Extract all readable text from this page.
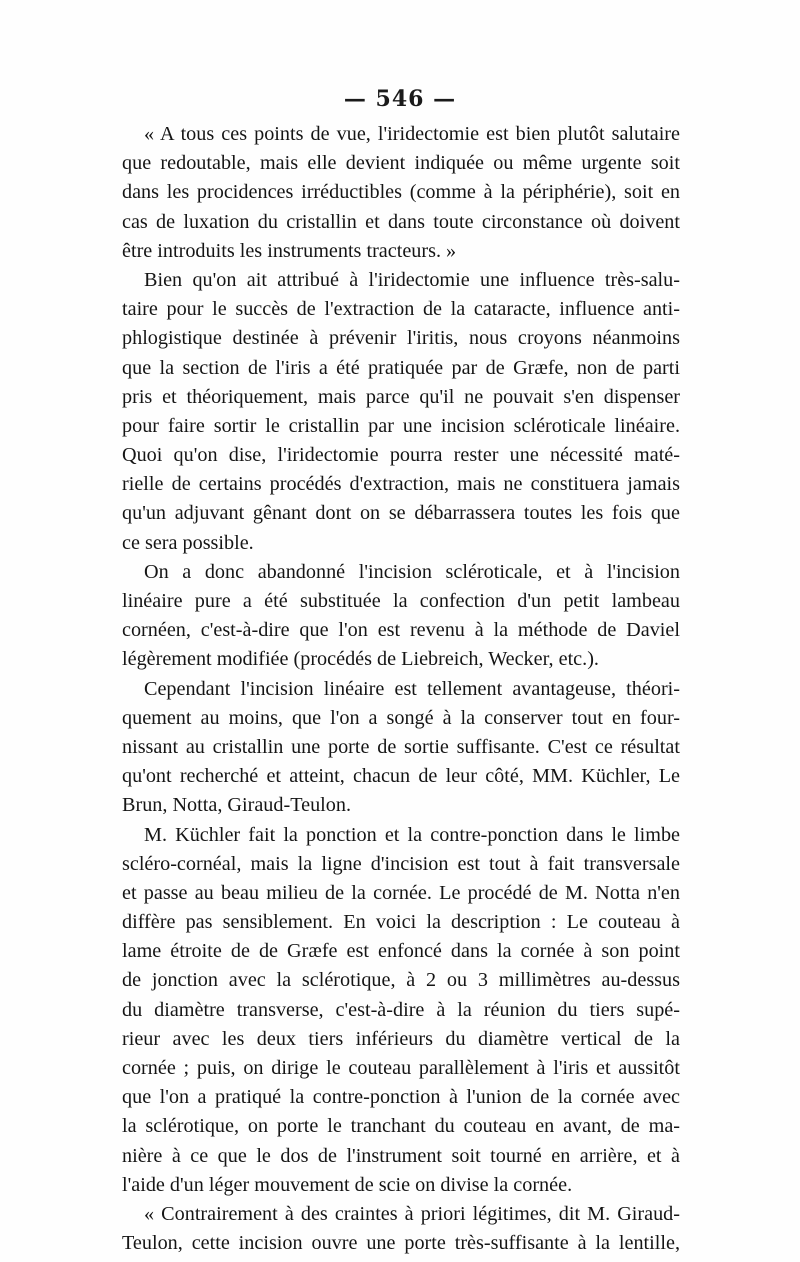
— 546 —
« A tous ces points de vue, l'iridectomie est bien plutôt salutaire
que redoutable, mais elle devient indiquée ou même urgente soit
dans les procidences irréductibles (comme à la périphérie), soit en
cas de luxation du cristallin et dans toute circonstance où doivent
être introduits les instruments tracteurs. »
Bien qu'on ait attribué à l'iridectomie une influence très-salu-
taire pour le succès de l'extraction de la cataracte, influence anti-
phlogistique destinée à prévenir l'iritis, nous croyons néanmoins
que la section de l'iris a été pratiquée par de Græfe, non de parti
pris et théoriquement, mais parce qu'il ne pouvait s'en dispenser
pour faire sortir le cristallin par une incision scléroticale linéaire.
Quoi qu'on dise, l'iridectomie pourra rester une nécessité maté-
rielle de certains procédés d'extraction, mais ne constituera jamais
qu'un adjuvant gênant dont on se débarrassera toutes les fois que
ce sera possible.
On a donc abandonné l'incision scléroticale, et à l'incision
linéaire pure a été substituée la confection d'un petit lambeau
cornéen, c'est-à-dire que l'on est revenu à la méthode de Daviel
légèrement modifiée (procédés de Liebreich, Wecker, etc.).
Cependant l'incision linéaire est tellement avantageuse, théori-
quement au moins, que l'on a songé à la conserver tout en four-
nissant au cristallin une porte de sortie suffisante. C'est ce résultat
qu'ont recherché et atteint, chacun de leur côté, MM. Küchler, Le
Brun, Notta, Giraud-Teulon.
M. Küchler fait la ponction et la contre-ponction dans le limbe
scléro-cornéal, mais la ligne d'incision est tout à fait transversale
et passe au beau milieu de la cornée. Le procédé de M. Notta n'en
diffère pas sensiblement. En voici la description : Le couteau à
lame étroite de de Græfe est enfoncé dans la cornée à son point
de jonction avec la sclérotique, à 2 ou 3 millimètres au-dessus
du diamètre transverse, c'est-à-dire à la réunion du tiers supé-
rieur avec les deux tiers inférieurs du diamètre vertical de la
cornée ; puis, on dirige le couteau parallèlement à l'iris et aussitôt
que l'on a pratiqué la contre-ponction à l'union de la cornée avec
la sclérotique, on porte le tranchant du couteau en avant, de ma-
nière à ce que le dos de l'instrument soit tourné en arrière, et à
l'aide d'un léger mouvement de scie on divise la cornée.
« Contrairement à des craintes à priori légitimes, dit M. Giraud-
Teulon, cette incision ouvre une porte très-suffisante à la lentille,
